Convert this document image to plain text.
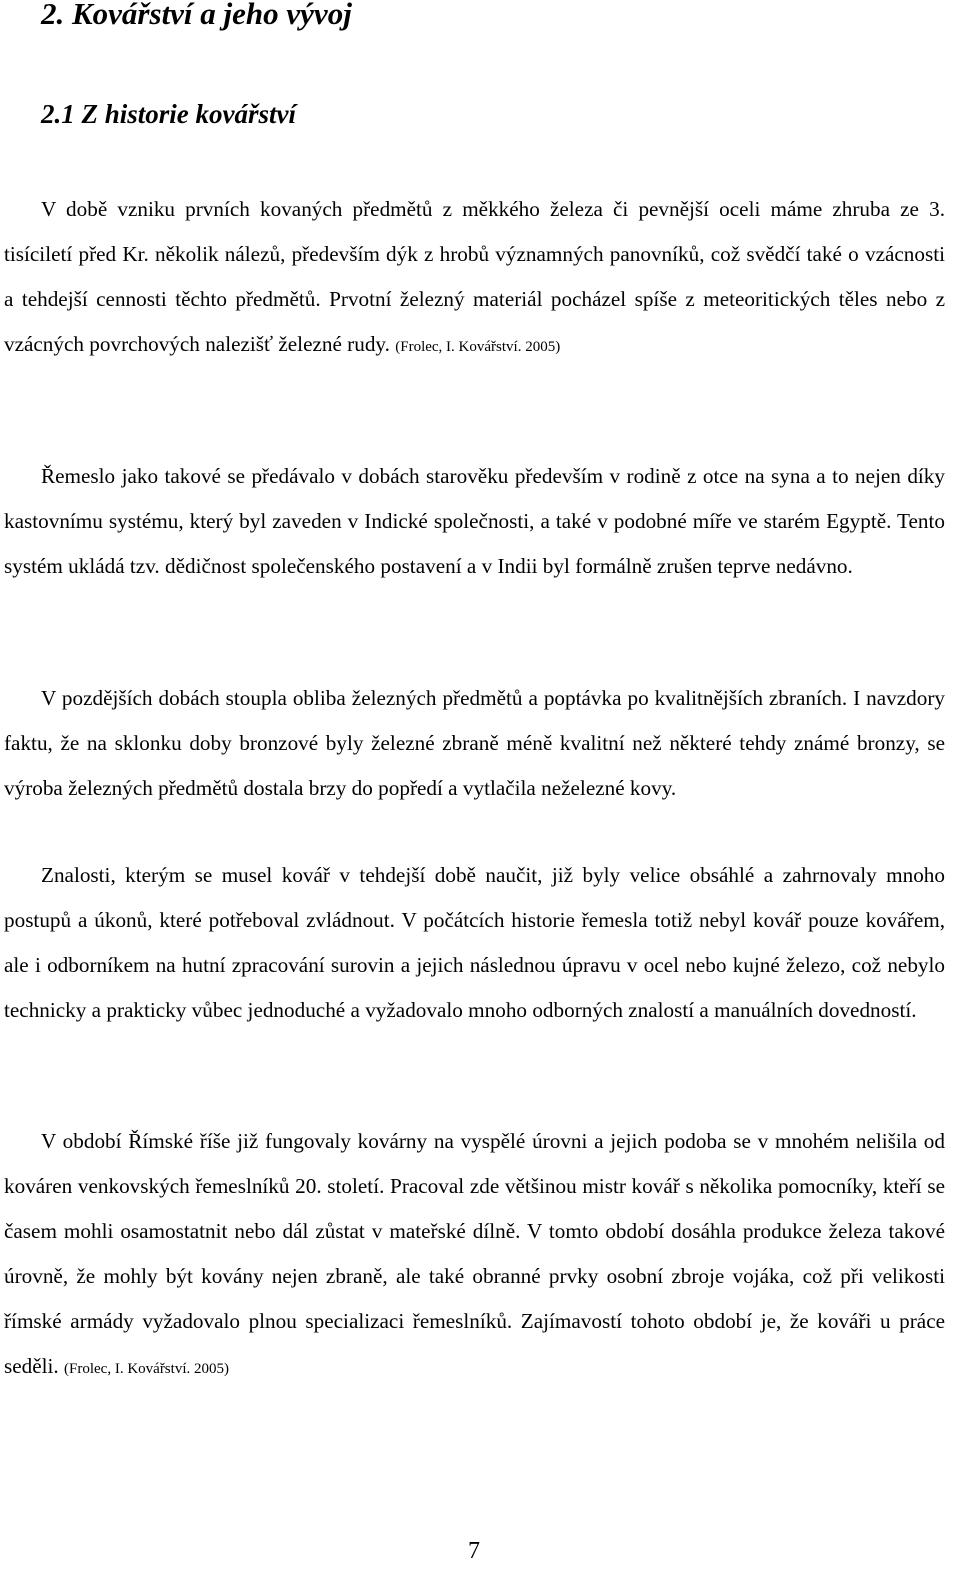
2. Kovářství a jeho vývoj
2.1 Z historie kovářství

V době vzniku prvních kovaných předmětů z měkkého železa či pevnější oceli máme zhruba ze 3. tisíciletí před Kr. několik nálezů, především dýk z hrobů významných panovníků, což svědčí také o vzácnosti a tehdejší cennosti těchto předmětů. Prvotní železný materiál pocházel spíše z meteoritických těles nebo z vzácných povrchových nalezišť železné rudy. (Frolec, I. Kovářství. 2005)

Řemeslo jako takové se předávalo v dobách starověku především v rodině z otce na syna a to nejen díky kastovnímu systému, který byl zaveden v Indické společnosti, a také v podobné míře ve starém Egyptě. Tento systém ukládá tzv. dědičnost společenského postavení a v Indii byl formálně zrušen teprve nedávno.

V pozdějších dobách stoupla obliba železných předmětů a poptávka po kvalitnějších zbraních. I navzdory faktu, že na sklonku doby bronzové byly železné zbraně méně kvalitní než některé tehdy známé bronzy, se výroba železných předmětů dostala brzy do popředí a vytlačila neželezné kovy.

Znalosti, kterým se musel kovář v tehdejší době naučit, již byly velice obsáhlé a zahrnovaly mnoho postupů a úkonů, které potřeboval zvládnout. V počátcích historie řemesla totiž nebyl kovář pouze kovářem, ale i odborníkem na hutní zpracování surovin a jejich následnou úpravu v ocel nebo kujné železo, což nebylo technicky a prakticky vůbec jednoduché a vyžadovalo mnoho odborných znalostí a manuálních dovedností.

V období Římské říše již fungovaly kovárny na vyspělé úrovni a jejich podoba se v mnohém nelišila od kováren venkovských řemeslníků 20. století. Pracoval zde většinou mistr kovář s několika pomocníky, kteří se časem mohli osamostatnit nebo dál zůstat v mateřské dílně. V tomto období dosáhla produkce železa takové úrovně, že mohly být kovány nejen zbraně, ale také obranné prvky osobní zbroje vojáka, což při velikosti římské armády vyžadovalo plnou specializaci řemeslníků. Zajímavostí tohoto období je, že kováři u práce seděli. (Frolec, I. Kovářství. 2005)

7
